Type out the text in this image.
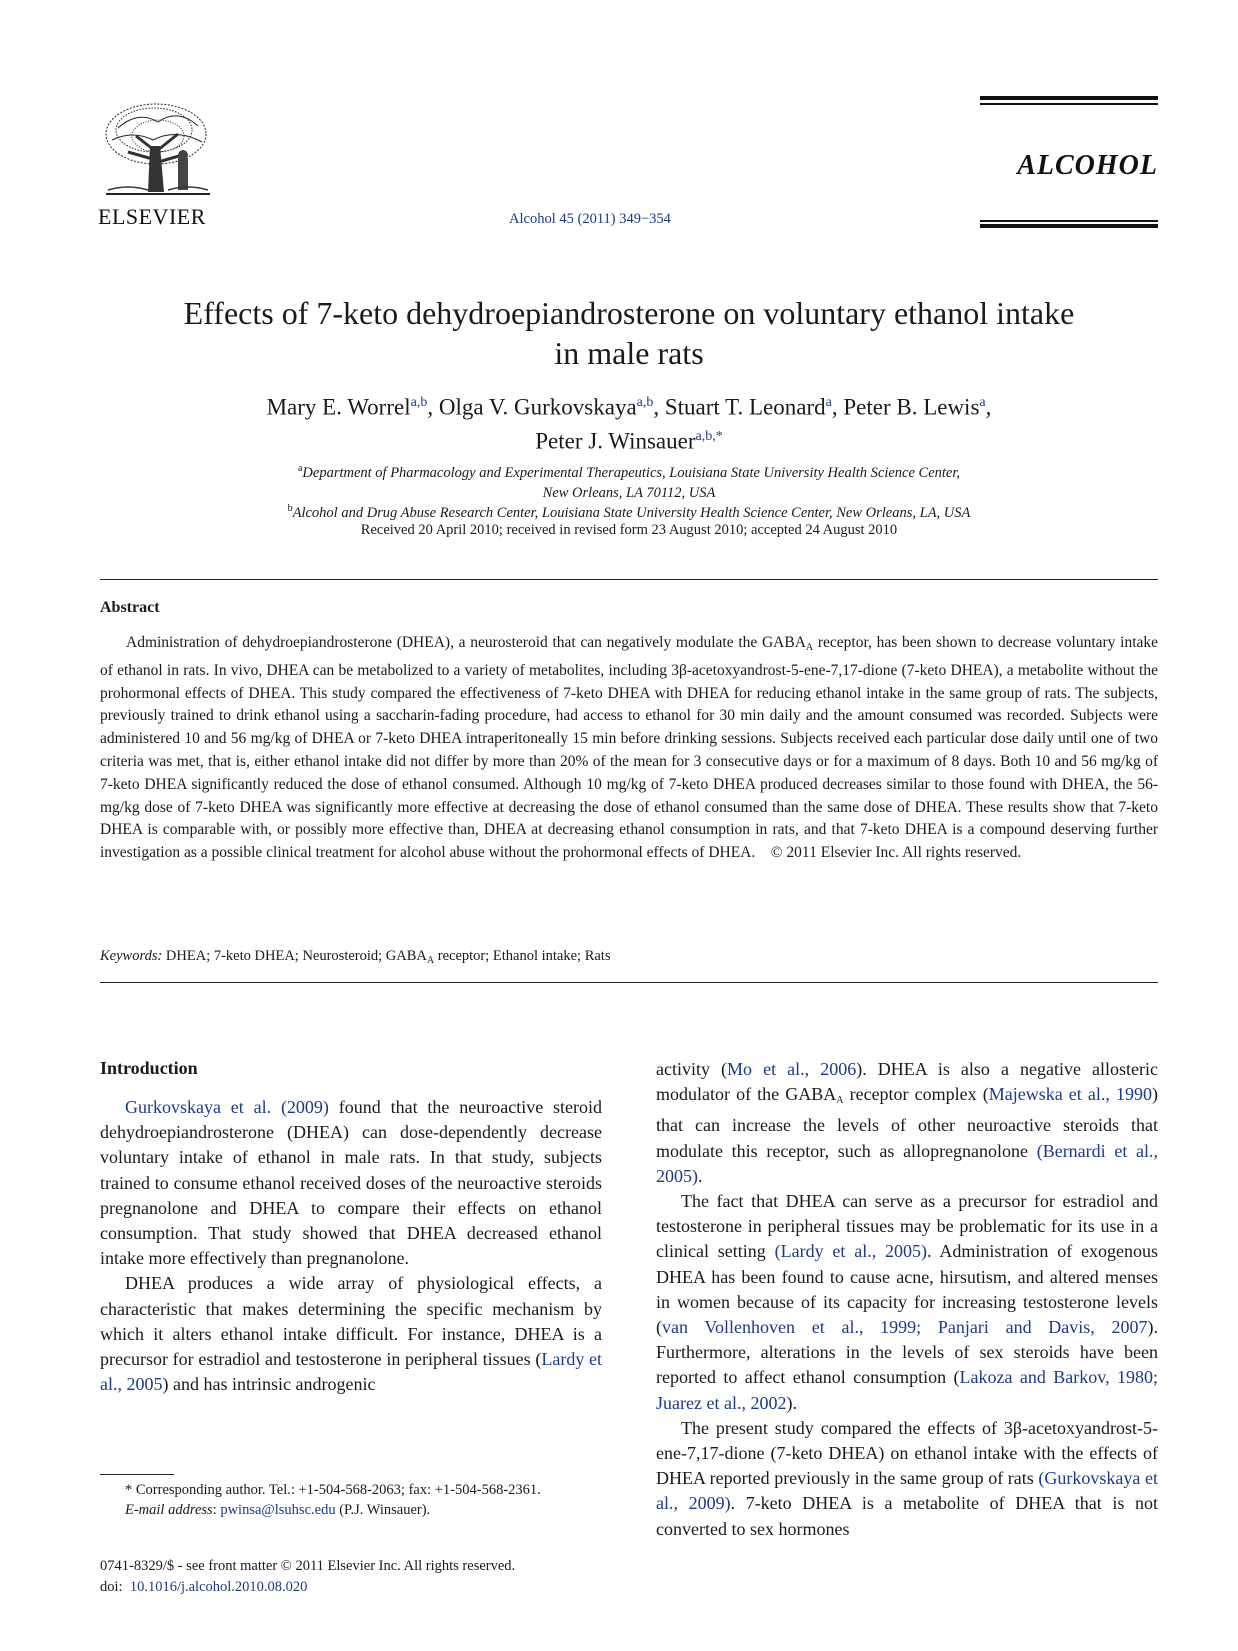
ELSEVIER	Alcohol 45 (2011) 349−354
ALCOHOL
Effects of 7-keto dehydroepiandrosterone on voluntary ethanol intake
in male rats
Mary E. Worrel$^{a,b}$, Olga V. Gurkovskaya$^{a,b}$, Stuart T. Leonard$^a$, Peter B. Lewis$^a$,
Peter J. Winsauer$^{a,b,*}$
$^a$Department of Pharmacology and Experimental Therapeutics, Louisiana State University Health Science Center,
New Orleans, LA 70112, USA
$^b$Alcohol and Drug Abuse Research Center, Louisiana State University Health Science Center, New Orleans, LA, USA
Received 20 April 2010; received in revised form 23 August 2010; accepted 24 August 2010
Abstract
Administration of dehydroepiandrosterone (DHEA), a neurosteroid that can negatively modulate the $GABA_A$ receptor, has been shown to decrease voluntary intake of ethanol in rats. In vivo, DHEA can be metabolized to a variety of metabolites, including 3β-acetoxyandrost-5-ene-7,17-dione (7-keto DHEA), a metabolite without the prohormonal effects of DHEA. This study compared the effectiveness of 7-keto DHEA with DHEA for reducing ethanol intake in the same group of rats. The subjects, previously trained to drink ethanol using a saccharin-fading procedure, had access to ethanol for 30 min daily and the amount consumed was recorded. Subjects were administered 10 and 56 mg/kg of DHEA or 7-keto DHEA intraperitoneally 15 min before drinking sessions. Subjects received each particular dose daily until one of two criteria was met, that is, either ethanol intake did not differ by more than 20% of the mean for 3 consecutive days or for a maximum of 8 days. Both 10 and 56 mg/kg of 7-keto DHEA significantly reduced the dose of ethanol consumed. Although 10 mg/kg of 7-keto DHEA produced decreases similar to those found with DHEA, the 56-mg/kg dose of 7-keto DHEA was significantly more effective at decreasing the dose of ethanol consumed than the same dose of DHEA. These results show that 7-keto DHEA is comparable with, or possibly more effective than, DHEA at decreasing ethanol consumption in rats, and that 7-keto DHEA is a compound deserving further investigation as a possible clinical treatment for alcohol abuse without the prohormonal effects of DHEA. © 2011 Elsevier Inc. All rights reserved.
Keywords: DHEA; 7-keto DHEA; Neurosteroid; $GABA_A$ receptor; Ethanol intake; Rats
Introduction

Gurkovskaya et al. (2009) found that the neuroactive steroid dehydroepiandrosterone (DHEA) can dose-dependently decrease voluntary intake of ethanol in male rats. In that study, subjects trained to consume ethanol received doses of the neuroactive steroids pregnanolone and DHEA to compare their effects on ethanol consumption. That study showed that DHEA decreased ethanol intake more effectively than pregnanolone.

DHEA produces a wide array of physiological effects, a characteristic that makes determining the specific mechanism by which it alters ethanol intake difficult. For instance, DHEA is a precursor for estradiol and testosterone in peripheral tissues (Lardy et al., 2005) and has intrinsic androgenic

activity (Mo et al., 2006). DHEA is also a negative allosteric modulator of the $GABA_A$ receptor complex (Majewska et al., 1990) that can increase the levels of other neuroactive steroids that modulate this receptor, such as allopregnanolone (Bernardi et al., 2005).

The fact that DHEA can serve as a precursor for estradiol and testosterone in peripheral tissues may be problematic for its use in a clinical setting (Lardy et al., 2005). Administration of exogenous DHEA has been found to cause acne, hirsutism, and altered menses in women because of its capacity for increasing testosterone levels (van Vollenhoven et al., 1999; Panjari and Davis, 2007). Furthermore, alterations in the levels of sex steroids have been reported to affect ethanol consumption (Lakoza and Barkov, 1980; Juarez et al., 2002).

The present study compared the effects of 3β-acetoxyandrost-5-ene-7,17-dione (7-keto DHEA) on ethanol intake with the effects of DHEA reported previously in the same group of rats (Gurkovskaya et al., 2009). 7-keto DHEA is a metabolite of DHEA that is not converted to sex hormones

* Corresponding author. Tel.: +1-504-568-2063; fax: +1-504-568-2361.

E-mail address: pwinsa@lsuhsc.edu (P.J. Winsauer).

0741-8329/$ - see front matter © 2011 Elsevier Inc. All rights reserved.
doi: 10.1016/j.alcohol.2010.08.020
